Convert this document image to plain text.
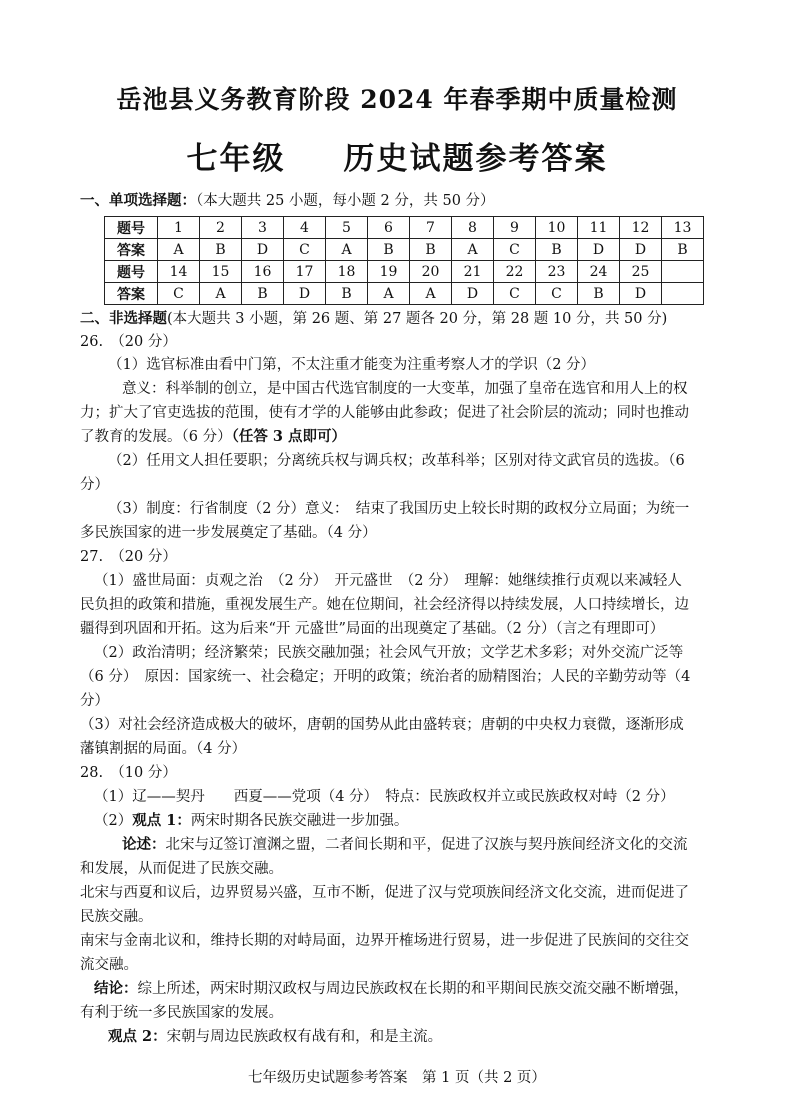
岳池县义务教育阶段 2024 年春季期中质量检测
七年级 历史试题参考答案
一、单项选择题：（本大题共 25 小题，每小题 2 分，共 50 分）
题号	1	2	3	4	5	6	7	8	9	10	11	12	13
答案	A	B	D	C	A	B	B	A	C	B	D	D	B
题号	14	15	16	17	18	19	20	21	22	23	24	25	
答案	C	A	B	D	B	A	A	D	C	C	B	D	
二、非选择题(本大题共 3 小题，第 26 题、第 27 题各 20 分，第 28 题 10 分，共 50 分)
26.　（20 分）
（1）选官标准由看中门第，不太注重才能变为注重考察人才的学识（2 分）
意义：科举制的创立，是中国古代选官制度的一大变革，加强了皇帝在选官和用人上的权
力；扩大了官吏选拔的范围，使有才学的人能够由此参政；促进了社会阶层的流动；同时也推动
了教育的发展。（6 分）（任答 3 点即可）
（2）任用文人担任要职；分离统兵权与调兵权；改革科举；区别对待文武官员的选拔。（6
分）
（3）制度：行省制度（2 分）意义：　结束了我国历史上较长时期的政权分立局面；为统一
多民族国家的进一步发展奠定了基础。（4 分）
27.　（20 分）
（1）盛世局面：贞观之治　（2 分）　开元盛世　（2 分）　理解：她继续推行贞观以来减轻人
民负担的政策和措施，重视发展生产。她在位期间，社会经济得以持续发展，人口持续增长，边
疆得到巩固和开拓。这为后来“开 元盛世”局面的出现奠定了基础。（2 分）（言之有理即可）
（2）政治清明；经济繁荣；民族交融加强；社会风气开放；文学艺术多彩；对外交流广泛等
（6 分）　原因：国家统一、社会稳定；开明的政策；统治者的励精图治；人民的辛勤劳动等（4
分）
（3）对社会经济造成极大的破坏，唐朝的国势从此由盛转衰；唐朝的中央权力衰微，逐渐形成
藩镇割据的局面。（4 分）
28.　（10 分）
（1）辽——契丹　　西夏——党项（4 分）　特点：民族政权并立或民族政权对峙（2 分）
（2）观点 1：两宋时期各民族交融进一步加强。
论述：北宋与辽签订澶渊之盟，二者间长期和平，促进了汉族与契丹族间经济文化的交流
和发展，从而促进了民族交融。
北宋与西夏和议后，边界贸易兴盛，互市不断，促进了汉与党项族间经济文化交流，进而促进了
民族交融。
南宋与金南北议和，维持长期的对峙局面，边界开榷场进行贸易，进一步促进了民族间的交往交
流交融。
结论：综上所述，两宋时期汉政权与周边民族政权在长期的和平期间民族交流交融不断增强，
有利于统一多民族国家的发展。
观点 2：宋朝与周边民族政权有战有和，和是主流。
七年级历史试题参考答案　第 1 页（共 2 页）
